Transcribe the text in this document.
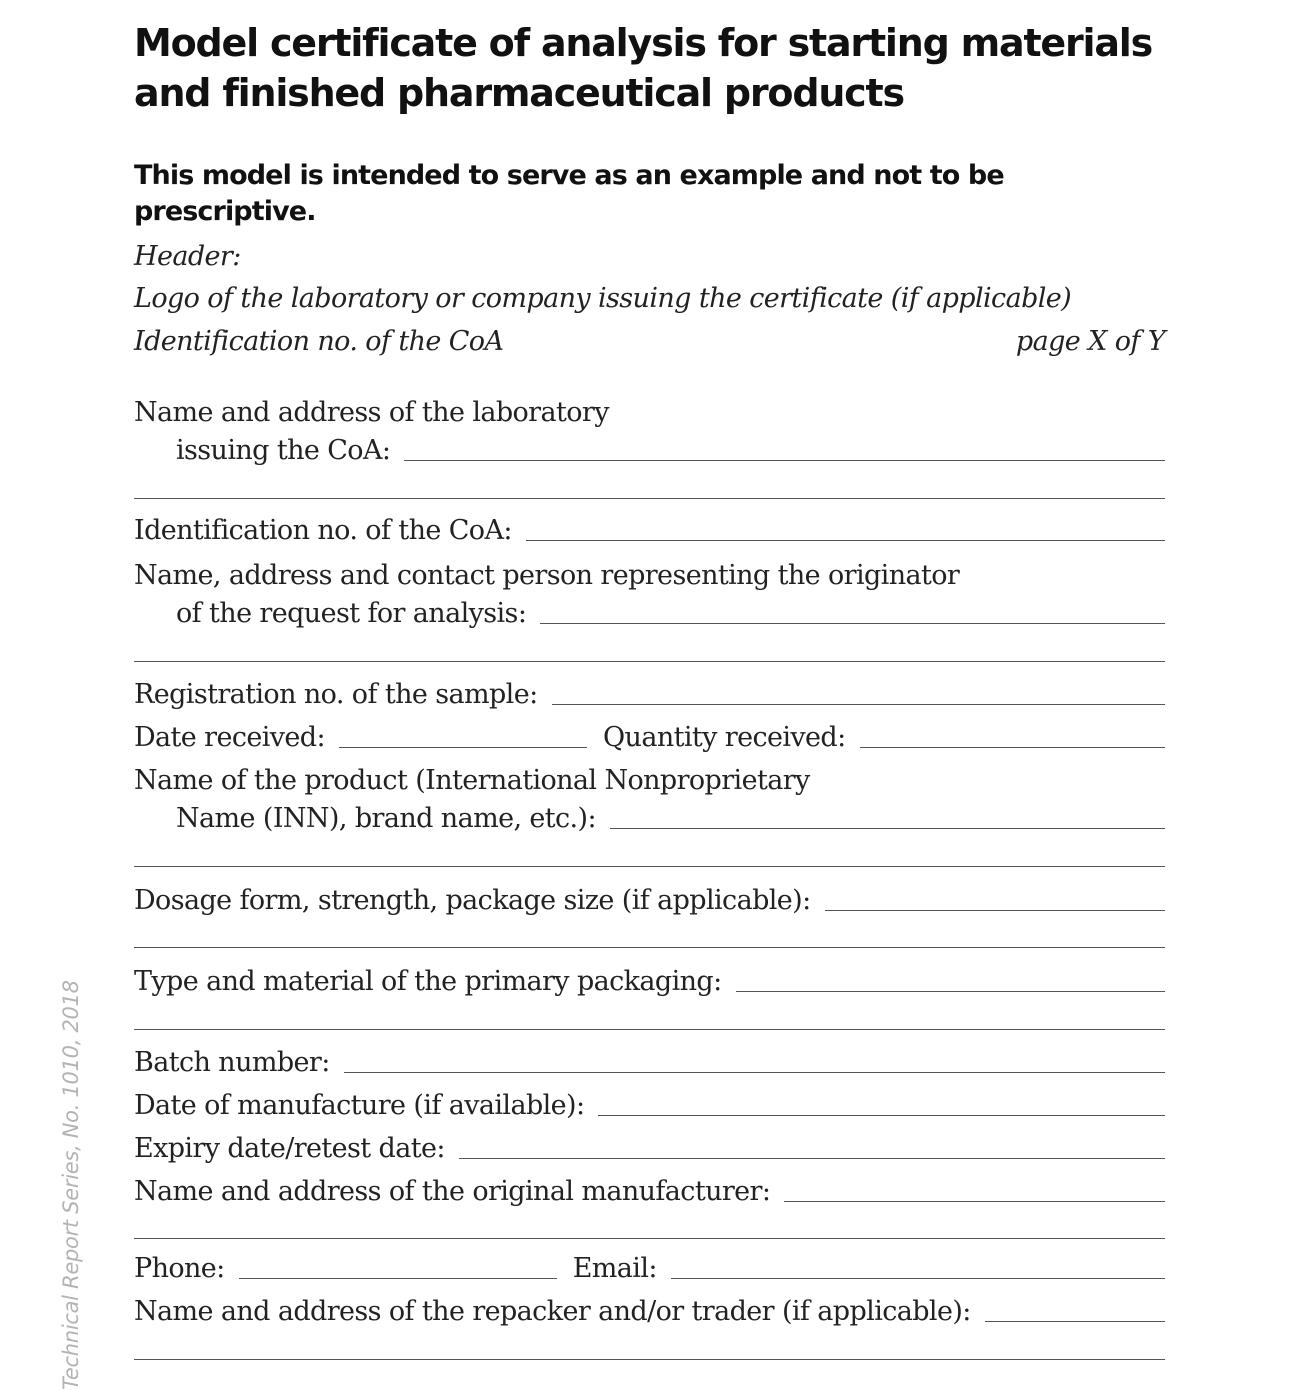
Model certificate of analysis for starting materials and finished pharmaceutical products
This model is intended to serve as an example and not to be prescriptive.
Header:
Logo of the laboratory or company issuing the certificate (if applicable)
Identification no. of the CoA	page X of Y
Name and address of the laboratory
issuing the CoA:
Identification no. of the CoA:
Name, address and contact person representing the originator
of the request for analysis:
Registration no. of the sample:
Date received:	Quantity received:
Name of the product (International Nonproprietary
Name (INN), brand name, etc.):
Dosage form, strength, package size (if applicable):
Type and material of the primary packaging:
Batch number:
Date of manufacture (if available):
Expiry date/retest date:
Name and address of the original manufacturer:
Phone:	Email:
Name and address of the repacker and/or trader (if applicable):
Technical Report Series, No. 1010, 2018
